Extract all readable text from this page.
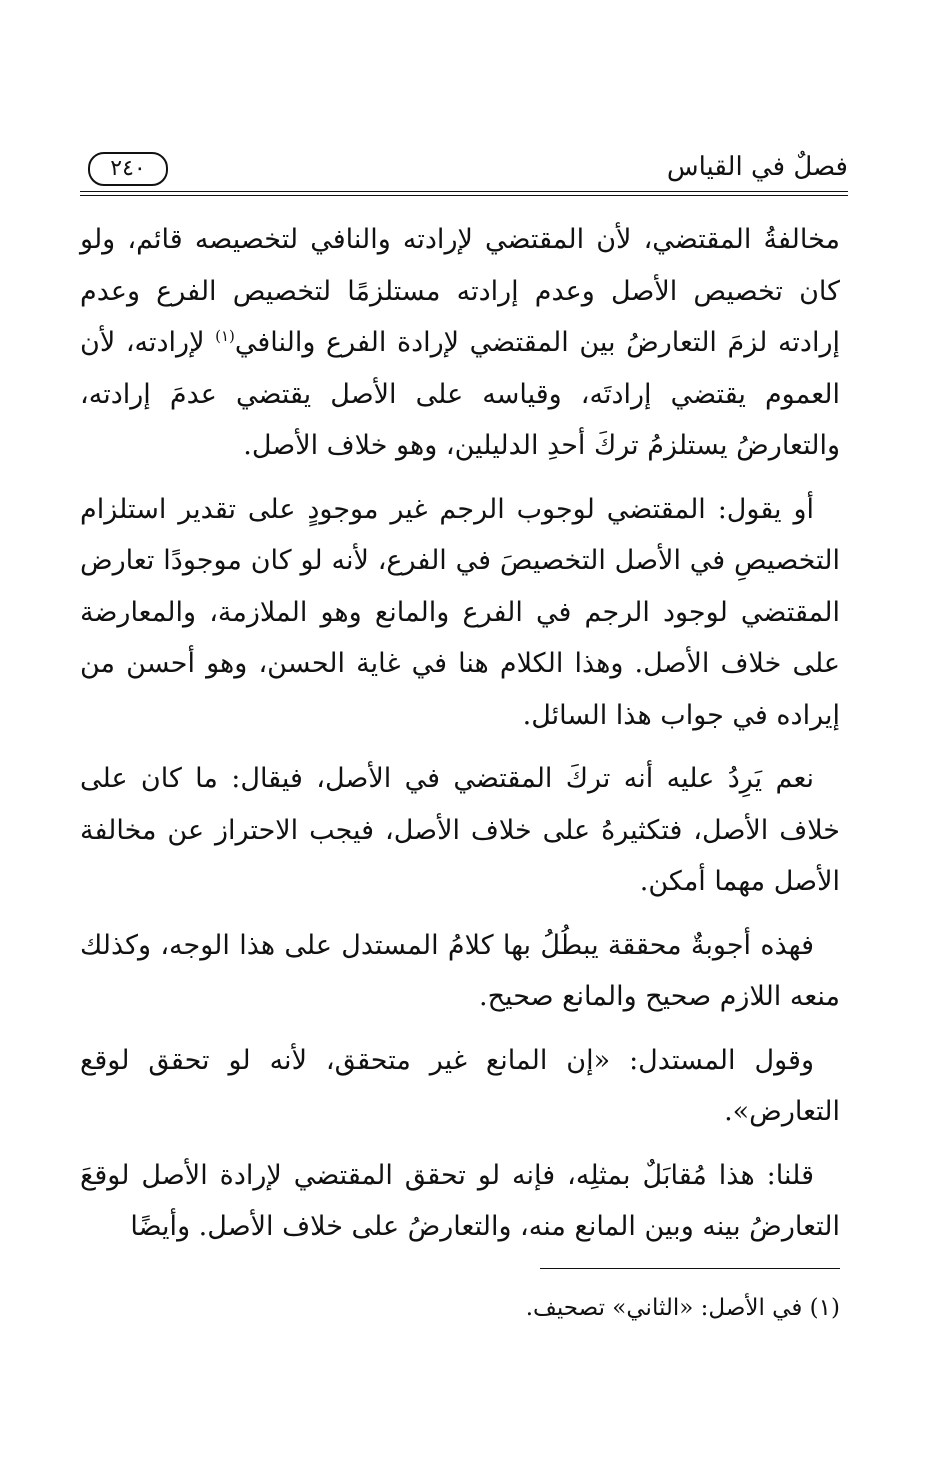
فصلٌ في القياس
٢٤٠

مخالفةُ المقتضي، لأن المقتضي لإرادته والنافي لتخصيصه قائم، ولو كان تخصيص الأصل وعدم إرادته مستلزمًا لتخصيص الفرع وعدم إرادته لزمَ التعارضُ بين المقتضي لإرادة الفرع والنافي$^{(١)}$ لإرادته، لأن العموم يقتضي إرادتَه، وقياسه على الأصل يقتضي عدمَ إرادته، والتعارضُ يستلزمُ تركَ أحدِ الدليلين، وهو خلاف الأصل.

أو يقول: المقتضي لوجوب الرجم غير موجودٍ على تقدير استلزام التخصيصِ في الأصل التخصيصَ في الفرع، لأنه لو كان موجودًا تعارض المقتضي لوجود الرجم في الفرع والمانع وهو الملازمة، والمعارضة على خلاف الأصل. وهذا الكلام هنا في غاية الحسن، وهو أحسن من إيراده في جواب هذا السائل.

نعم يَرِدُ عليه أنه تركَ المقتضي في الأصل، فيقال: ما كان على خلاف الأصل، فتكثيرهُ على خلاف الأصل، فيجب الاحتراز عن مخالفة الأصل مهما أمكن.

فهذه أجوبةٌ محققة يبطُلُ بها كلامُ المستدل على هذا الوجه، وكذلك منعه اللازم صحيح والمانع صحيح.

وقول المستدل: «إن المانع غير متحقق، لأنه لو تحقق لوقع التعارض».

قلنا: هذا مُقابَلٌ بمثلِه، فإنه لو تحقق المقتضي لإرادة الأصل لوقعَ التعارضُ بينه وبين المانع منه، والتعارضُ على خلاف الأصل. وأيضًا

(١) في الأصل: «الثاني» تصحيف.
